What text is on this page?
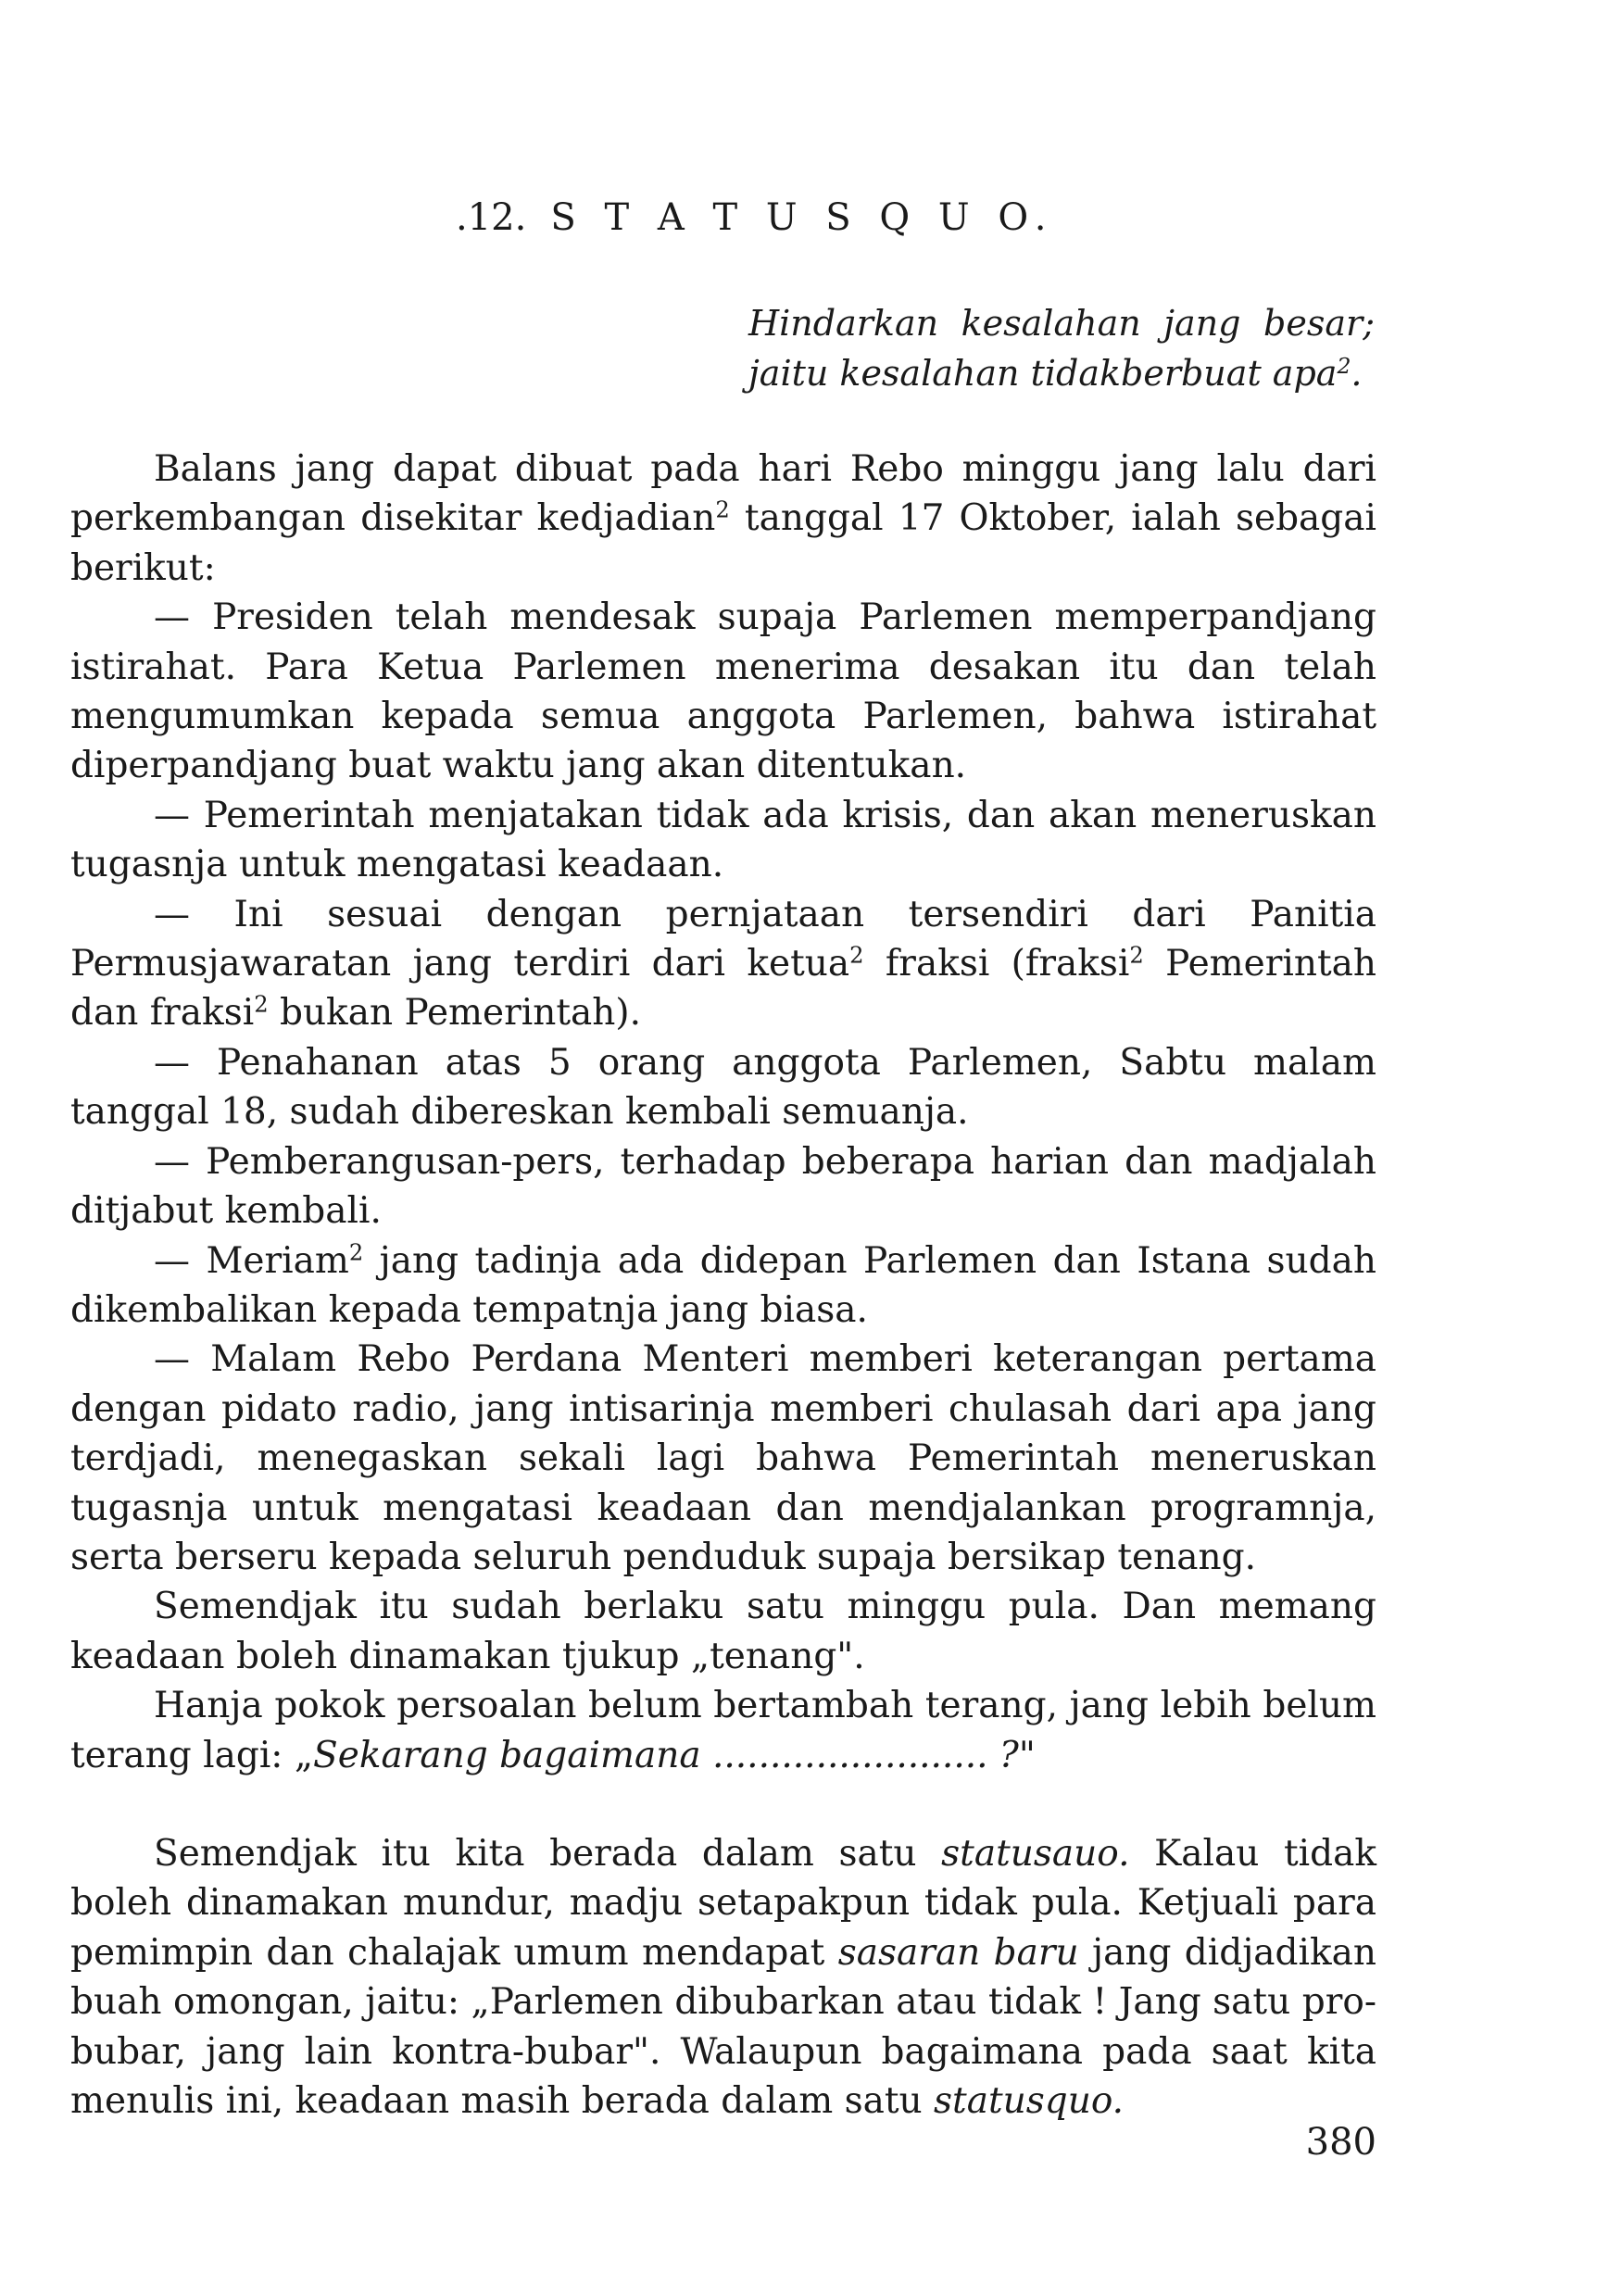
.12. S T A T U S Q U O.
Hindarkan kesalahan jang besar;
jaitu kesalahan tidakberbuat apa$^2$.

Balans jang dapat dibuat pada hari Rebo minggu jang lalu dari perkembangan disekitar kedjadian$^2$ tanggal 17 Oktober, ialah sebagai berikut:

— Presiden telah mendesak supaja Parlemen memperpandjang istirahat. Para Ketua Parlemen menerima desakan itu dan telah mengumumkan kepada semua anggota Parlemen, bahwa istirahat diperpandjang buat waktu jang akan ditentukan.

— Pemerintah menjatakan tidak ada krisis, dan akan meneruskan tugasnja untuk mengatasi keadaan.

— Ini sesuai dengan pernjataan tersendiri dari Panitia Permusjawaratan jang terdiri dari ketua$^2$ fraksi (fraksi$^2$ Pemerintah dan fraksi$^2$ bukan Pemerintah).

— Penahanan atas 5 orang anggota Parlemen, Sabtu malam tanggal 18, sudah dibereskan kembali semuanja.

— Pemberangusan-pers, terhadap beberapa harian dan madjalah ditjabut kembali.

— Meriam$^2$ jang tadinja ada didepan Parlemen dan Istana sudah dikembalikan kepada tempatnja jang biasa.

— Malam Rebo Perdana Menteri memberi keterangan pertama dengan pidato radio, jang intisarinja memberi chulasah dari apa jang terdjadi, menegaskan sekali lagi bahwa Pemerintah meneruskan tugasnja untuk mengatasi keadaan dan mendjalankan programnja, serta berseru kepada seluruh penduduk supaja bersikap tenang.

Semendjak itu sudah berlaku satu minggu pula. Dan memang keadaan boleh dinamakan tjukup „tenang".

Hanja pokok persoalan belum bertambah terang, jang lebih belum terang lagi: „Sekarang bagaimana ........................ ?"

Semendjak itu kita berada dalam satu statusauo. Kalau tidak boleh dinamakan mundur, madju setapakpun tidak pula. Ketjuali para pemimpin dan chalajak umum mendapat sasaran baru jang didjadikan buah omongan, jaitu: „Parlemen dibubarkan atau tidak ! Jang satu pro-bubar, jang lain kontra-bubar". Walaupun bagaimana pada saat kita menulis ini, keadaan masih berada dalam satu statusquo.

380
